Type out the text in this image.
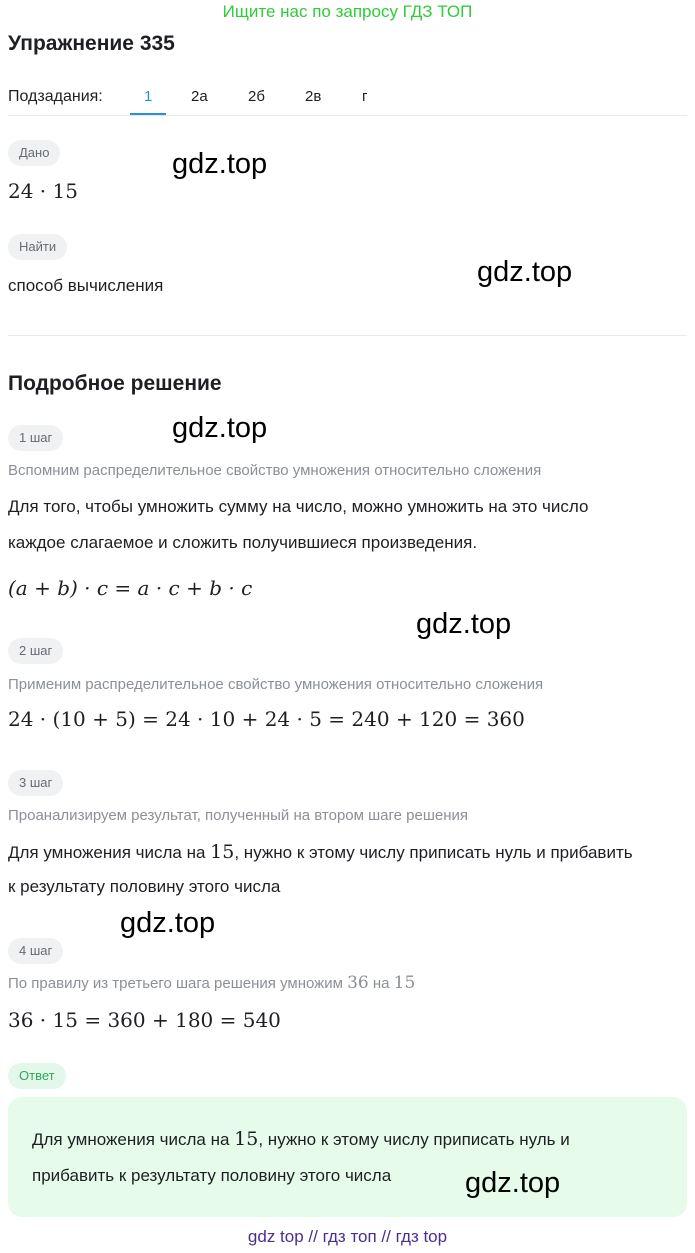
Ищите нас по запросу ГДЗ ТОП
Упражнение 335
Подзадания:	1	2а	2б	2в	г
Дано
24 · 15
Найти
способ вычисления
Подробное решение
1 шаг
Вспомним распределительное свойство умножения относительно сложения
Для того, чтобы умножить сумму на число, можно умножить на это число
каждое слагаемое и сложить получившиеся произведения.
(a + b) · c = a · c + b · c
2 шаг
Применим распределительное свойство умножения относительно сложения
24 · (10 + 5) = 24 · 10 + 24 · 5 = 240 + 120 = 360
3 шаг
Проанализируем результат, полученный на втором шаге решения
Для умножения числа на 15, нужно к этому числу приписать нуль и прибавить
к результату половину этого числа
4 шаг
По правилу из третьего шага решения умножим 36 на 15
36 · 15 = 360 + 180 = 540
Ответ
Для умножения числа на 15, нужно к этому числу приписать нуль и
прибавить к результату половину этого числа
gdz.top
gdz.top
gdz.top
gdz.top
gdz.top
gdz.top
gdz top // гдз топ // гдз top
